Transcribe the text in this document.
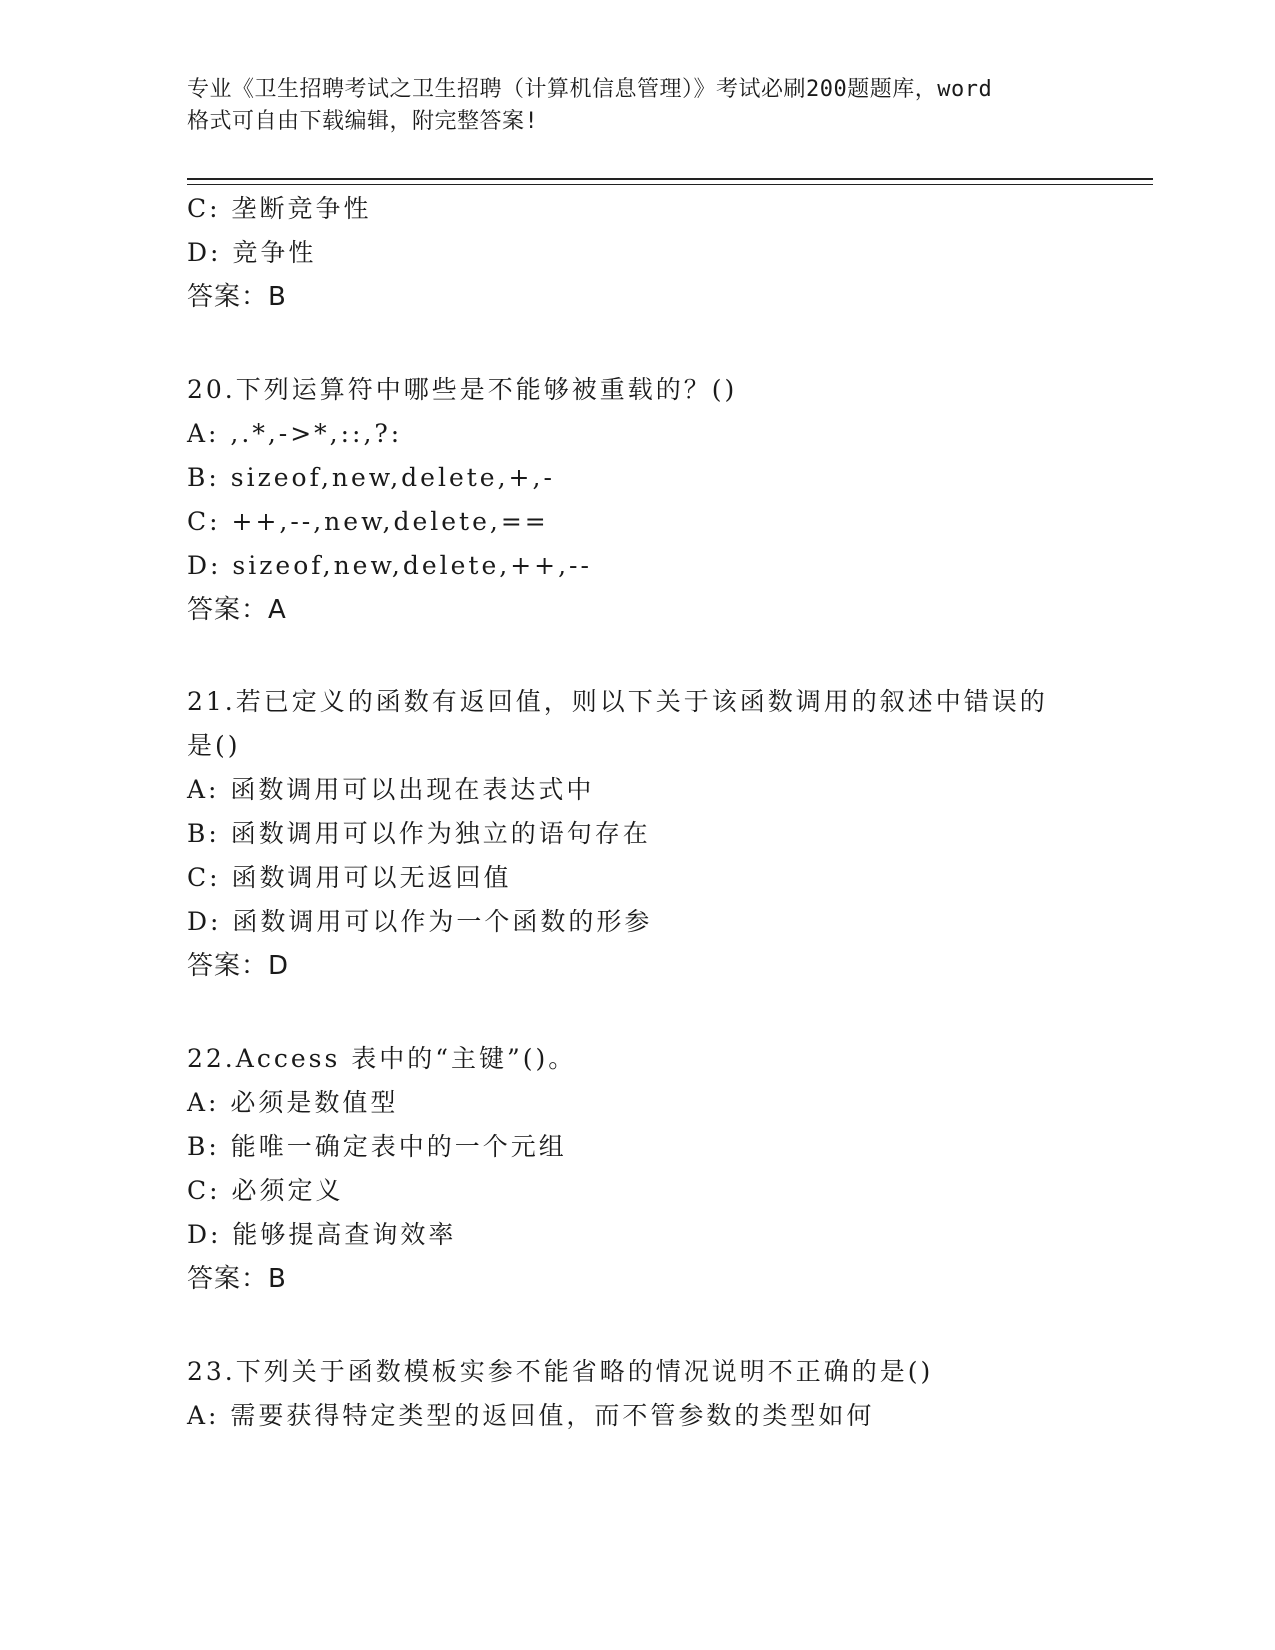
专业《卫生招聘考试之卫生招聘（计算机信息管理）》考试必刷200题题库，word
格式可自由下载编辑，附完整答案!
C: 垄断竞争性
D: 竞争性
答案：B
20.下列运算符中哪些是不能够被重载的？()
A: ,.*,->*,::,?:
B: sizeof,new,delete,+,-
C: ++,--,new,delete,==
D: sizeof,new,delete,++,--
答案：A
21.若已定义的函数有返回值，则以下关于该函数调用的叙述中错误的
是()
A: 函数调用可以出现在表达式中
B: 函数调用可以作为独立的语句存在
C: 函数调用可以无返回值
D: 函数调用可以作为一个函数的形参
答案：D
22.Access 表中的“主键”()。
A: 必须是数值型
B: 能唯一确定表中的一个元组
C: 必须定义
D: 能够提高查询效率
答案：B
23.下列关于函数模板实参不能省略的情况说明不正确的是()
A: 需要获得特定类型的返回值，而不管参数的类型如何
